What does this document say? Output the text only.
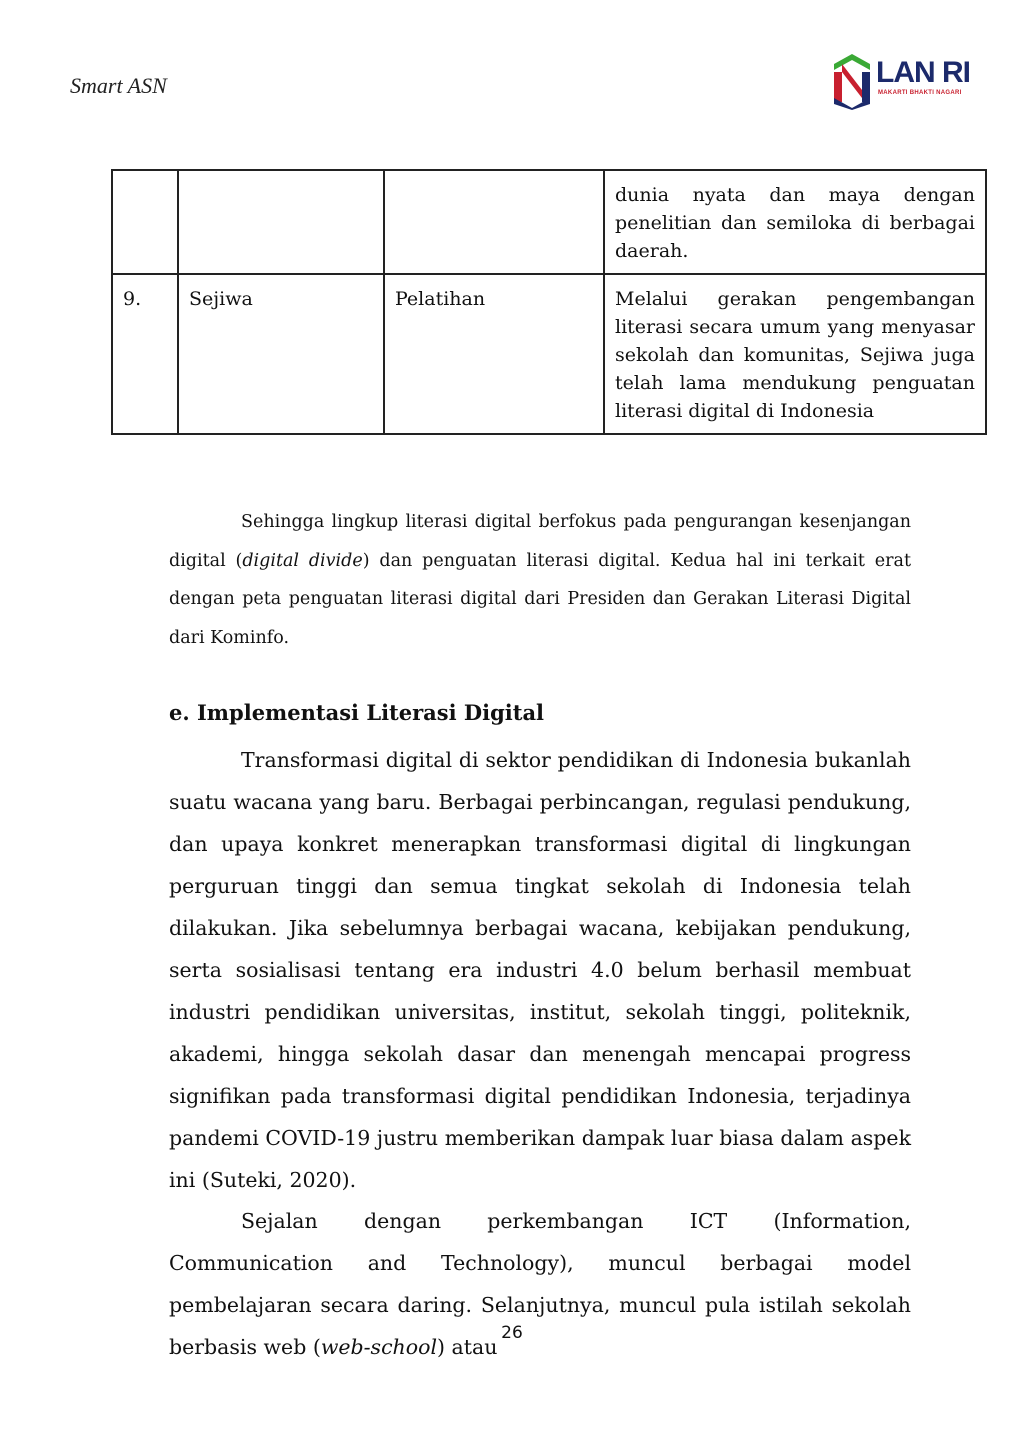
Smart ASN	LAN RI
MAKARTI BHAKTI NAGARI
			dunia nyata dan maya dengan penelitian dan semiloka di berbagai daerah.
9.	Sejiwa	Pelatihan	Melalui gerakan pengembangan literasi secara umum yang menyasar sekolah dan komunitas, Sejiwa juga telah lama mendukung penguatan literasi digital di Indonesia

Sehingga lingkup literasi digital berfokus pada pengurangan kesenjangan digital (digital divide) dan penguatan literasi digital. Kedua hal ini terkait erat dengan peta penguatan literasi digital dari Presiden dan Gerakan Literasi Digital dari Kominfo.

e. Implementasi Literasi Digital

Transformasi digital di sektor pendidikan di Indonesia bukanlah suatu wacana yang baru. Berbagai perbincangan, regulasi pendukung, dan upaya konkret menerapkan transformasi digital di lingkungan perguruan tinggi dan semua tingkat sekolah di Indonesia telah dilakukan. Jika sebelumnya berbagai wacana, kebijakan pendukung, serta sosialisasi tentang era industri 4.0 belum berhasil membuat industri pendidikan universitas, institut, sekolah tinggi, politeknik, akademi, hingga sekolah dasar dan menengah mencapai progress signifikan pada transformasi digital pendidikan Indonesia, terjadinya pandemi COVID-19 justru memberikan dampak luar biasa dalam aspek ini (Suteki, 2020).

Sejalan dengan perkembangan ICT (Information, Communication and Technology), muncul berbagai model pembelajaran secara daring. Selanjutnya, muncul pula istilah sekolah berbasis web (web-school) atau

26
